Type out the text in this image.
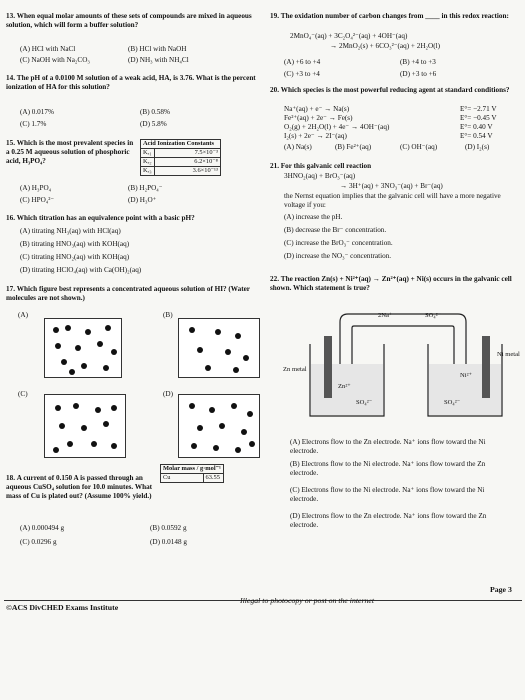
13. When equal molar amounts of these sets of compounds are mixed in aqueous solution, which will form a buffer solution?
(A) HCl with NaCl	(B) HCl with NaOH
(C) NaOH with Na₂CO₃	(D) NH₃ with NH₄Cl
14. The pH of a 0.0100 M solution of a weak acid, HA, is 3.76. What is the percent ionization of HA for this solution?
(A) 0.017%	(B) 0.58%
(C) 1.7%	(D) 5.8%
15. Which is the most prevalent species in a 0.25 M aqueous solution of phosphoric acid, H₃PO₄?
Acid Ionization Constants	
Kₐ₁	7.5×10⁻³
Kₐ₂	6.2×10⁻⁸
Kₐ₃	3.6×10⁻¹³
(A) H₃PO₄	(B) H₂PO₄⁻
(C) HPO₄²⁻	(D) H₃O⁺
16. Which titration has an equivalence point with a basic pH?
(A) titrating NH₃(aq) with HCl(aq)
(B) titrating HNO₃(aq) with KOH(aq)
(C) titrating HNO₂(aq) with KOH(aq)
(D) titrating HClO₄(aq) with Ca(OH)₂(aq)
17. Which figure best represents a concentrated aqueous solution of HI? (Water molecules are not shown.)
(A)	(B)
(C)	(D)
18. A current of 0.150 A is passed through an aqueous CuSO₄ solution for 10.0 minutes. What mass of Cu is plated out? (Assume 100% yield.)
Molar mass / g·mol⁻¹
Cu	63.55
(A) 0.000494 g	(B) 0.0592 g
(C) 0.0296 g	(D) 0.0148 g
19. The oxidation number of carbon changes from ____ in this redox reaction:
2MnO₄⁻(aq) + 3C₂O₄²⁻(aq) + 4OH⁻(aq)
→ 2MnO₂(s) + 6CO₃²⁻(aq) + 2H₂O(l)
(A) +6 to +4	(B) +4 to +3
(C) +3 to +4	(D) +3 to +6
20. Which species is the most powerful reducing agent at standard conditions?
Na⁺(aq) + e⁻ → Na(s)	E°= −2.71 V
Fe²⁺(aq) + 2e⁻ → Fe(s)	E°= −0.45 V
O₂(g) + 2H₂O(l) + 4e⁻ → 4OH⁻(aq)	E°= 0.40 V
I₂(s) + 2e⁻ → 2I⁻(aq)	E°= 0.54 V
(A) Na(s)	(B) Fe²⁺(aq)	(C) OH⁻(aq)	(D) I₂(s)
21. For this galvanic cell reaction
3HNO₂(aq) + BrO₃⁻(aq)
→ 3H⁺(aq) + 3NO₃⁻(aq) + Br⁻(aq)
the Nernst equation implies that the galvanic cell will have a more negative voltage if you:
(A) increase the pH.
(B) decrease the Br⁻ concentration.
(C) increase the BrO₃⁻ concentration.
(D) increase the NO₃⁻ concentration.
22. The reaction Zn(s) + Ni²⁺(aq) → Zn²⁺(aq) + Ni(s) occurs in the galvanic cell shown. Which statement is true?
2Na⁺	SO₄²⁻
Zn metal
Ni metal
Zn²⁺
Ni²⁺
SO₄²⁻	SO₄²⁻
(A) Electrons flow to the Zn electrode. Na⁺ ions flow toward the Ni electrode.
(B) Electrons flow to the Ni electrode. Na⁺ ions flow toward the Zn electrode.
(C) Electrons flow to the Ni electrode. Na⁺ ions flow toward the Ni electrode.
(D) Electrons flow to the Zn electrode. Na⁺ ions flow toward the Zn electrode.
©ACS DivCHED Exams Institute
Illegal to photocopy or post on the internet
Page 3
